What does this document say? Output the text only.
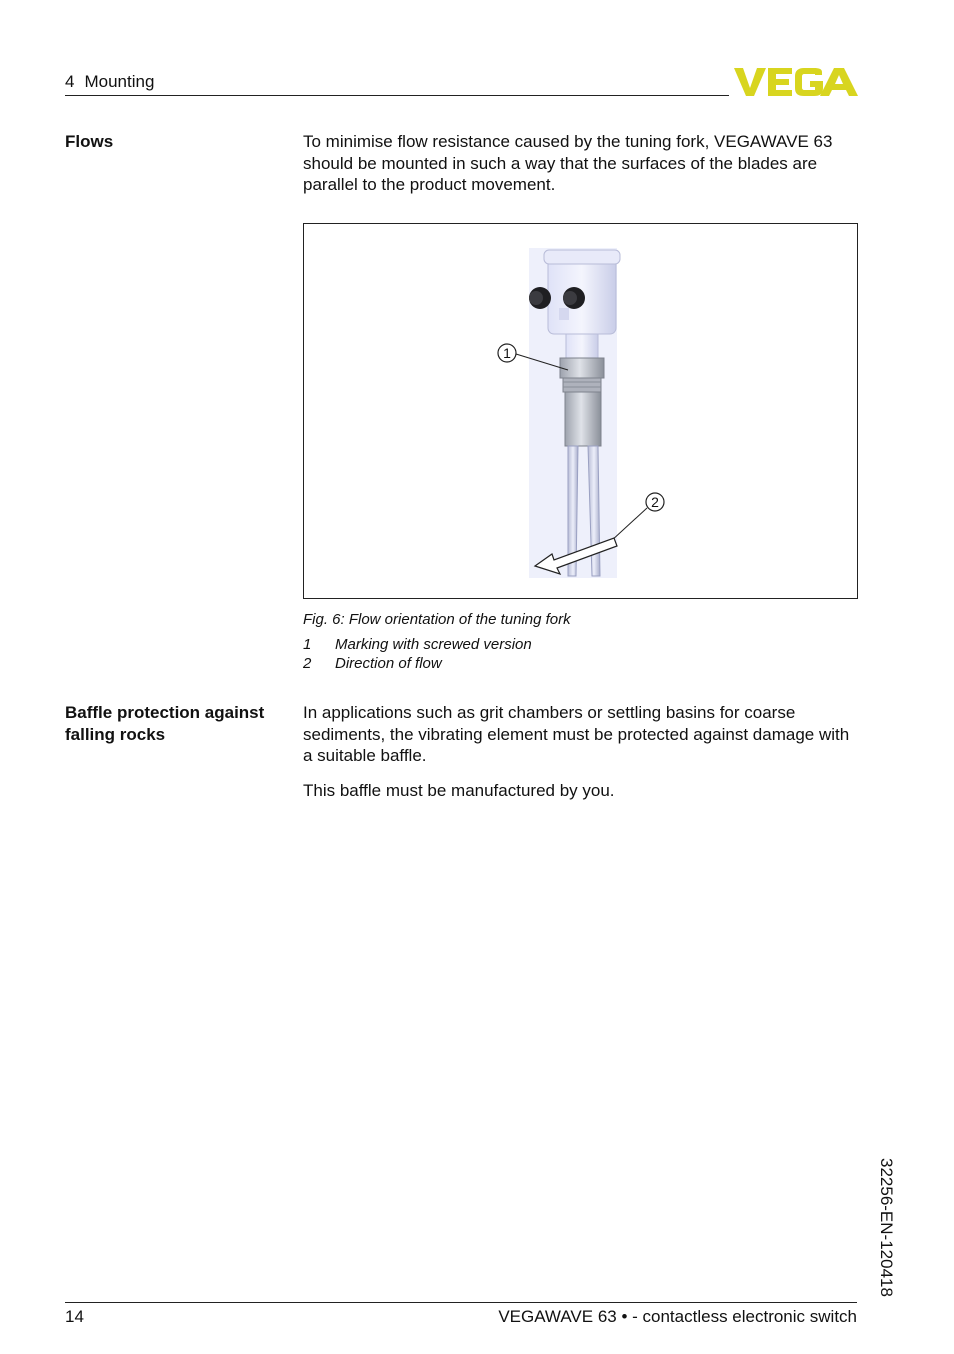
4 Mounting
Flows	To minimise flow resistance caused by the tuning fork, VEGAWAVE 63 should be mounted in such a way that the surfaces of the blades are parallel to the product movement.
1
2
Fig. 6: Flow orientation of the tuning fork
1 Marking with screwed version
2 Direction of flow
Baffle protection against
falling rocks
In applications such as grit chambers or settling basins for coarse sediments, the vibrating element must be protected against damage with a suitable baffle.
This baffle must be manufactured by you.
32256-EN-120418
14	VEGAWAVE 63 • - contactless electronic switch
